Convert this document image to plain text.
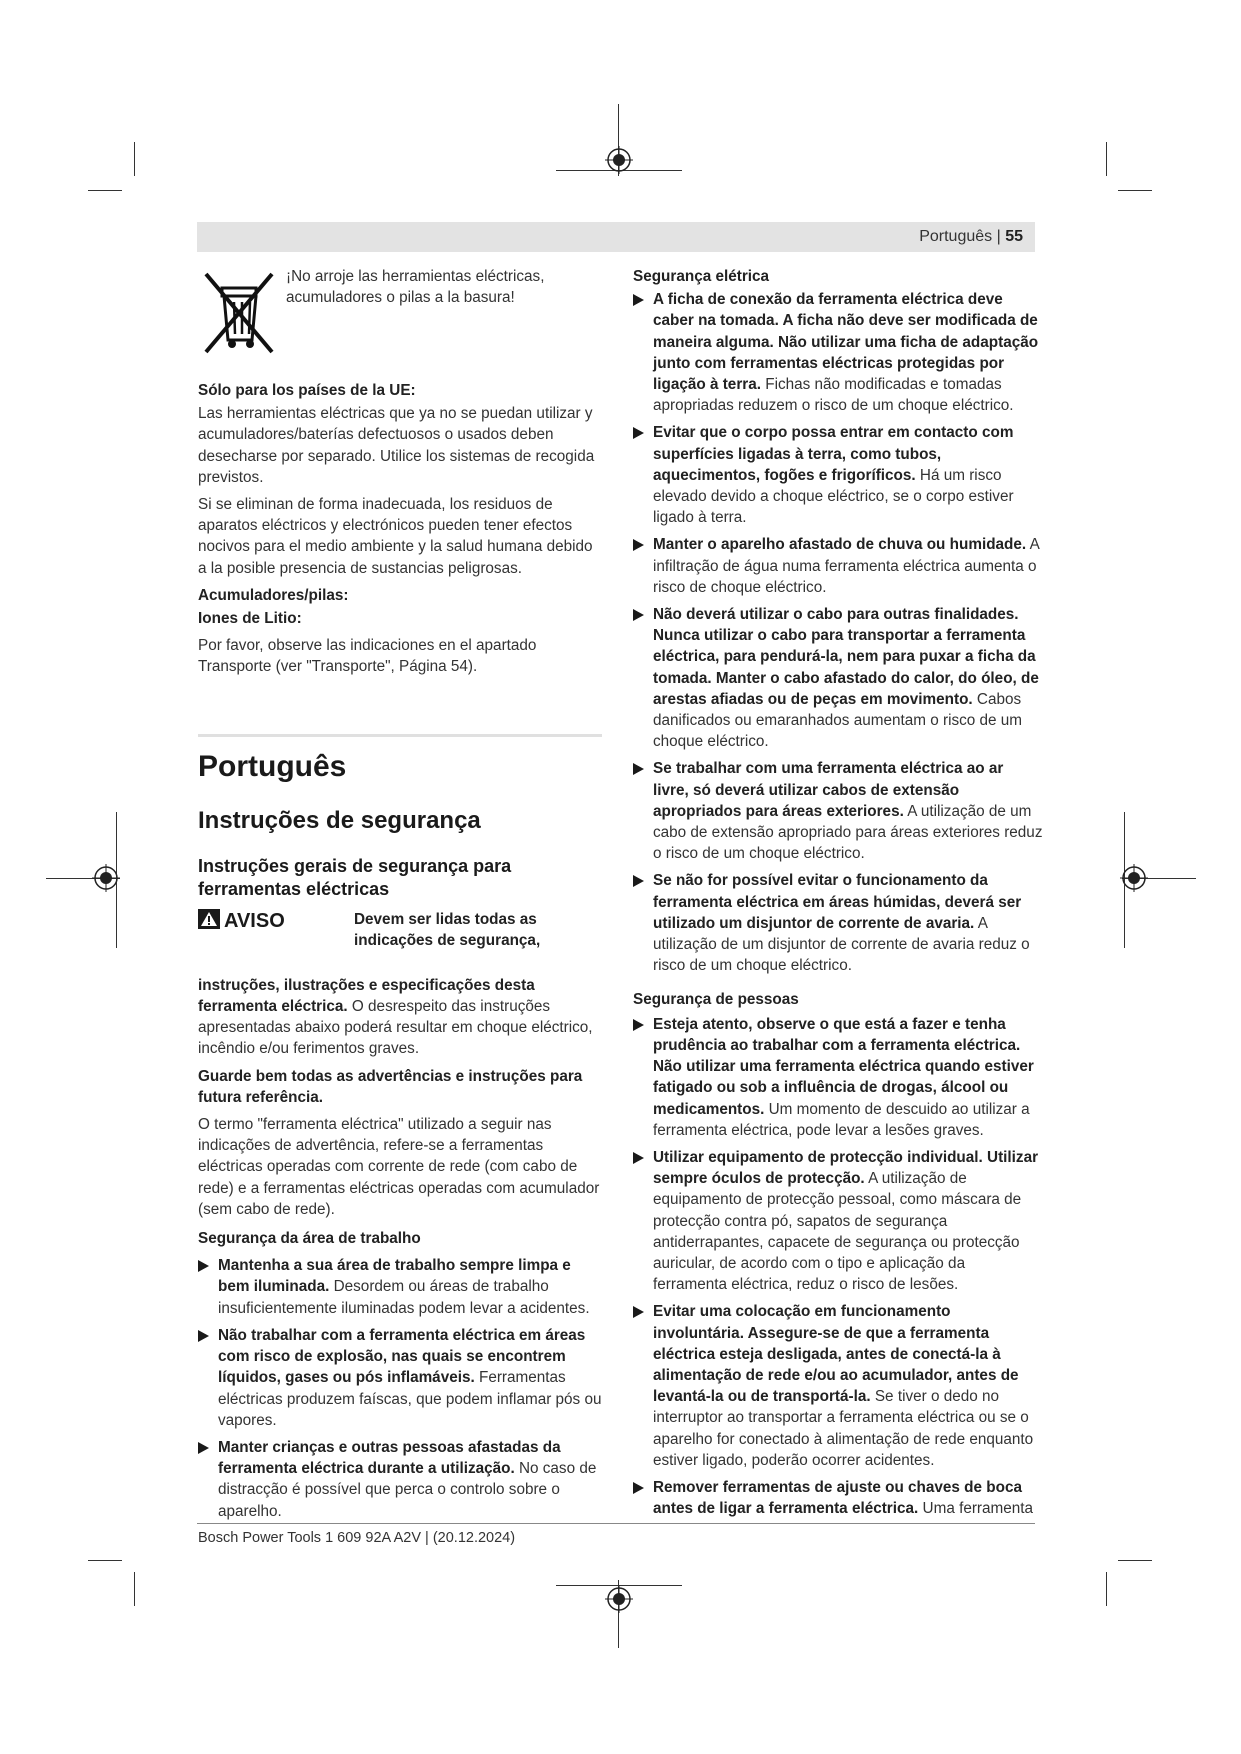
Português | 55
¡No arroje las herramientas eléctricas, acumuladores o pilas a la basura!

Sólo para los países de la UE:

Las herramientas eléctricas que ya no se puedan utilizar y acumuladores/baterías defectuosos o usados deben desecharse por separado. Utilice los sistemas de recogida previstos.

Si se eliminan de forma inadecuada, los residuos de aparatos eléctricos y electrónicos pueden tener efectos nocivos para el medio ambiente y la salud humana debido a la posible presencia de sustancias peligrosas.

Acumuladores/pilas:

Iones de Litio:

Por favor, observe las indicaciones en el apartado Transporte (ver "Transporte", Página 54).

Português
Instruções de segurança
Instruções gerais de segurança para ferramentas eléctricas
AVISO	Devem ser lidas todas as indicações de segurança,

instruções, ilustrações e especificações desta ferramenta eléctrica. O desrespeito das instruções apresentadas abaixo poderá resultar em choque eléctrico, incêndio e/ou ferimentos graves.

Guarde bem todas as advertências e instruções para futura referência.

O termo "ferramenta eléctrica" utilizado a seguir nas indicações de advertência, refere-se a ferramentas eléctricas operadas com corrente de rede (com cabo de rede) e a ferramentas eléctricas operadas com acumulador (sem cabo de rede).

Segurança da área de trabalho

Mantenha a sua área de trabalho sempre limpa e bem iluminada. Desordem ou áreas de trabalho insuficientemente iluminadas podem levar a acidentes.
Não trabalhar com a ferramenta eléctrica em áreas com risco de explosão, nas quais se encontrem líquidos, gases ou pós inflamáveis. Ferramentas eléctricas produzem faíscas, que podem inflamar pós ou vapores.
Manter crianças e outras pessoas afastadas da ferramenta eléctrica durante a utilização. No caso de distracção é possível que perca o controlo sobre o aparelho.

Segurança elétrica

A ficha de conexão da ferramenta eléctrica deve caber na tomada. A ficha não deve ser modificada de maneira alguma. Não utilizar uma ficha de adaptação junto com ferramentas eléctricas protegidas por ligação à terra. Fichas não modificadas e tomadas apropriadas reduzem o risco de um choque eléctrico.
Evitar que o corpo possa entrar em contacto com superfícies ligadas à terra, como tubos, aquecimentos, fogões e frigoríficos. Há um risco elevado devido a choque eléctrico, se o corpo estiver ligado à terra.
Manter o aparelho afastado de chuva ou humidade. A infiltração de água numa ferramenta eléctrica aumenta o risco de choque eléctrico.
Não deverá utilizar o cabo para outras finalidades. Nunca utilizar o cabo para transportar a ferramenta eléctrica, para pendurá-la, nem para puxar a ficha da tomada. Manter o cabo afastado do calor, do óleo, de arestas afiadas ou de peças em movimento. Cabos danificados ou emaranhados aumentam o risco de um choque eléctrico.
Se trabalhar com uma ferramenta eléctrica ao ar livre, só deverá utilizar cabos de extensão apropriados para áreas exteriores. A utilização de um cabo de extensão apropriado para áreas exteriores reduz o risco de um choque eléctrico.
Se não for possível evitar o funcionamento da ferramenta eléctrica em áreas húmidas, deverá ser utilizado um disjuntor de corrente de avaria. A utilização de um disjuntor de corrente de avaria reduz o risco de um choque eléctrico.

Segurança de pessoas

Esteja atento, observe o que está a fazer e tenha prudência ao trabalhar com a ferramenta eléctrica. Não utilizar uma ferramenta eléctrica quando estiver fatigado ou sob a influência de drogas, álcool ou medicamentos. Um momento de descuido ao utilizar a ferramenta eléctrica, pode levar a lesões graves.
Utilizar equipamento de protecção individual. Utilizar sempre óculos de protecção. A utilização de equipamento de protecção pessoal, como máscara de protecção contra pó, sapatos de segurança antiderrapantes, capacete de segurança ou protecção auricular, de acordo com o tipo e aplicação da ferramenta eléctrica, reduz o risco de lesões.
Evitar uma colocação em funcionamento involuntária. Assegure-se de que a ferramenta eléctrica esteja desligada, antes de conectá-la à alimentação de rede e/ou ao acumulador, antes de levantá-la ou de transportá-la. Se tiver o dedo no interruptor ao transportar a ferramenta eléctrica ou se o aparelho for conectado à alimentação de rede enquanto estiver ligado, poderão ocorrer acidentes.
Remover ferramentas de ajuste ou chaves de boca antes de ligar a ferramenta eléctrica. Uma ferramenta
Bosch Power Tools 1 609 92A A2V | (20.12.2024)
